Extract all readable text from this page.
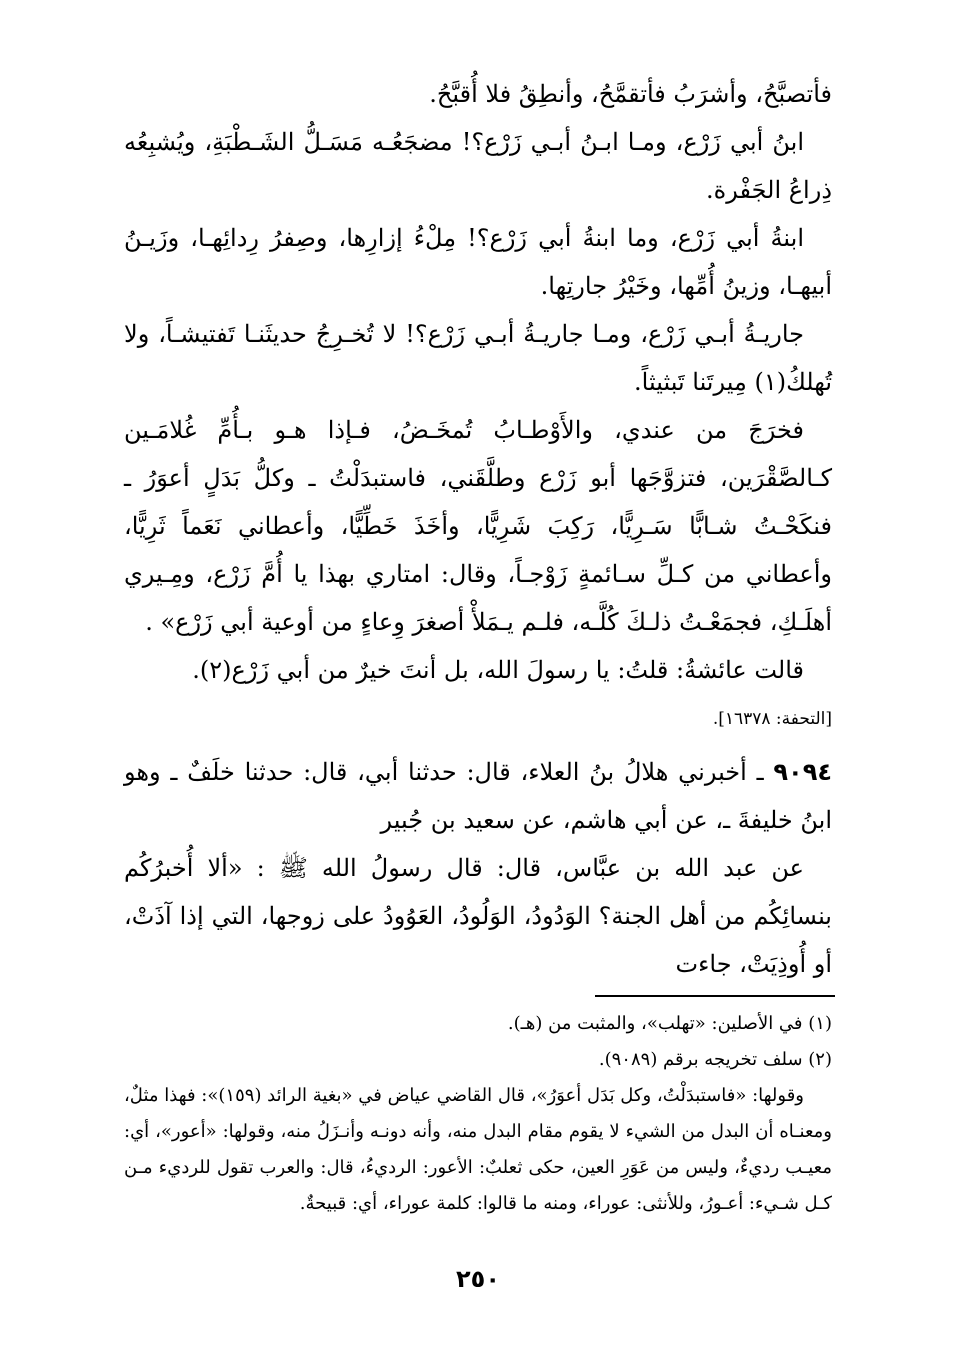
فأتصبَّحُ، وأشرَبُ فأتقمَّحُ، وأنطِقُ فلا أُقبَّحُ.

ابنُ أبي زَرْع، ومـا ابـنُ أبـي زَرْع؟! مضجَعُـه مَسَـلُّ الشَـطْبَةِ، ويُشبِعُه ذِراعُ الجَفْرة.

ابنةُ أبي زَرْع، وما ابنةُ أبي زَرْع؟! مِلْءُ إزارِها، وصِفرُ رِدائِهـا، وزَيـنُ أبيهـا، وزينُ أُمِّها، وخَيْرُ جارتِها.

جاريـةُ أبـي زَرْع، ومـا جاريـةُ أبـي زَرْع؟! لا تُخـرِجُ حديثَنـا تَفتيشـاً، ولا تُهلكُ(١) مِيرتَنا تَبثيثاً.

فخرَجَ من عندي، والأَوْطـابُ تُمخَـضُ، فـإذا هـو بـأُمِّ غُلامَـين كـالصَّقْرَين، فتزوَّجَها أبو زَرْع وطلَّقَني، فاستبدَلْتُ ـ وكلُّ بَدَلٍ أعوَرُ ـ فنكَحْـتُ شـابًّا سَـرِيًّا، رَكِبَ شَرِيًّا، وأخَذَ خَطِّيًّا، وأعطاني نَعَماً ثَرِيًّا، وأعطاني من كـلِّ سـائمةٍ زَوْجـاً، وقال: امتاري بهذا يا أُمَّ زَرْع، ومِـيري أهلَـكِ، فجمَعْـتُ ذلـكَ كُلَّـه، فلـم يـمَلأْ أصغرَ وِعاءٍ من أوعية أبي زَرْع» .

قالت عائشةُ: قلتُ: يا رسولَ الله، بل أنتَ خيرٌ من أبي زَرْع(٢).

[التحفة: ١٦٣٧٨].

٩٠٩٤ ـ أخبرني هلالُ بنُ العلاء، قال: حدثنا أبي، قال: حدثنا خلَفٌ ـ وهو ابنُ خليفةَ ـ، عن أبي هاشم، عن سعيد بن جُبير

عن عبد الله بن عبَّاس، قال: قال رسولُ الله ﷺ : «ألا أُخبرُكُم بنسائِكُم من أهل الجنة؟ الوَدُودُ، الوَلُودُ، العَوُودُ على زوجها، التي إذا آذَتْ، أو أُوذِيَتْ، جاءت

(١) في الأصلين: «تهلب»، والمثبت من (هـ).

(٢) سلف تخريجه برقم (٩٠٨٩).

وقولها: «فاستبدَلْتُ، وكل بَدَل أعوَرُ»، قال القاضي عياض في «بغية الرائد (١٥٩)»: فهذا مثلٌ، ومعنـاه أن البدل من الشيء لا يقوم مقام البدل منه، وأنه دونـه وأنـزَلُ منه، وقولها: «أعور»، أي: معيـب رديءٌ، وليس من عَوَرِ العين، حكى ثعلبٌ: الأعور: الرديءُ، قال: والعرب تقول للرديء مـن كـل شـيء: أعـورُ، وللأنثى: عوراء، ومنه ما قالوا: كلمة عوراء، أي: قبيحةٌ.

٢٥٠
